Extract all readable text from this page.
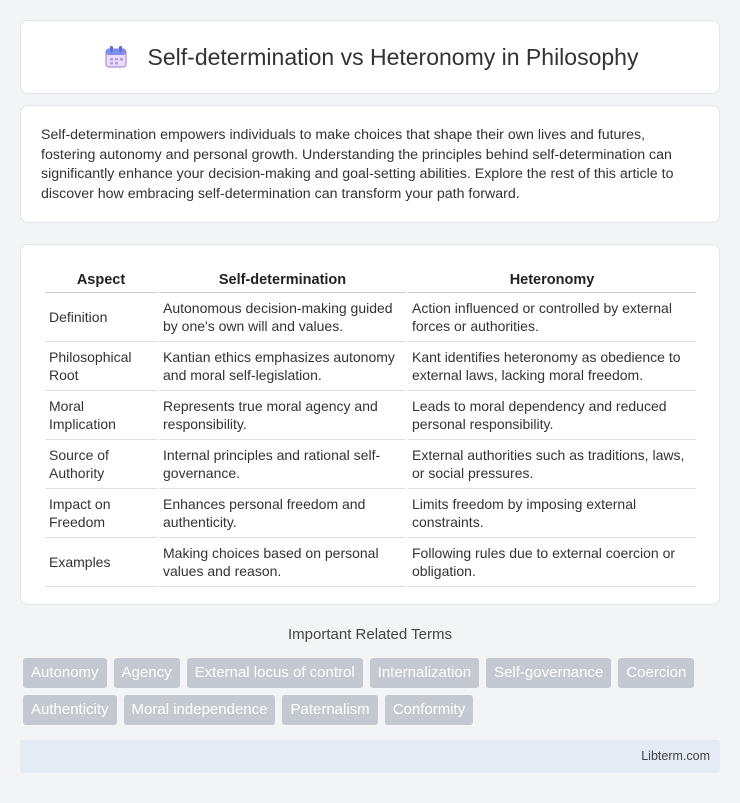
Self-determination vs Heteronomy in Philosophy

Self-determination empowers individuals to make choices that shape their own lives and futures, fostering autonomy and personal growth. Understanding the principles behind self-determination can significantly enhance your decision-making and goal-setting abilities. Explore the rest of this article to discover how embracing self-determination can transform your path forward.

Aspect	Self-determination	Heteronomy
Definition	Autonomous decision-making guided by one's own will and values.	Action influenced or controlled by external forces or authorities.
Philosophical Root	Kantian ethics emphasizes autonomy and moral self-legislation.	Kant identifies heteronomy as obedience to external laws, lacking moral freedom.
Moral Implication	Represents true moral agency and responsibility.	Leads to moral dependency and reduced personal responsibility.
Source of Authority	Internal principles and rational self-governance.	External authorities such as traditions, laws, or social pressures.
Impact on Freedom	Enhances personal freedom and authenticity.	Limits freedom by imposing external constraints.
Examples	Making choices based on personal values and reason.	Following rules due to external coercion or obligation.
Important Related Terms
Autonomy	Agency	External locus of control	Internalization	Self-governance	Coercion
Authenticity	Moral independence	Paternalism	Conformity
Libterm.com
